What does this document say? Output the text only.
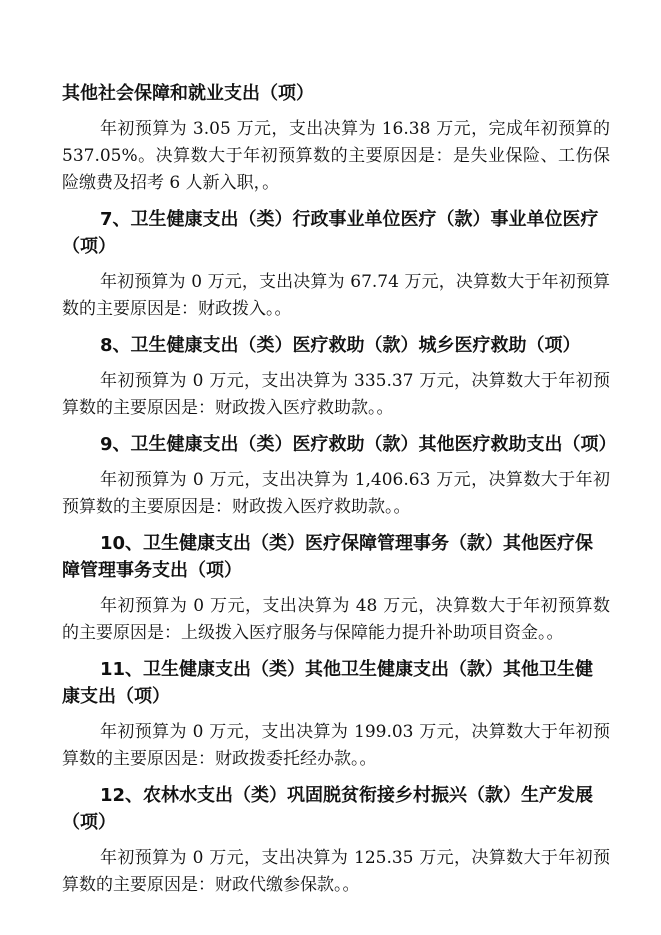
其他社会保障和就业支出（项）

年初预算为 3.05 万元，支出决算为 16.38 万元，完成年初预算的 537.05%。决算数大于年初预算数的主要原因是：是失业保险、工伤保险缴费及招考 6 人新入职，。

7、卫生健康支出（类）行政事业单位医疗（款）事业单位医疗（项）

年初预算为 0 万元，支出决算为 67.74 万元，决算数大于年初预算数的主要原因是：财政拨入。。

8、卫生健康支出（类）医疗救助（款）城乡医疗救助（项）

年初预算为 0 万元，支出决算为 335.37 万元，决算数大于年初预算数的主要原因是：财政拨入医疗救助款。。

9、卫生健康支出（类）医疗救助（款）其他医疗救助支出（项）

年初预算为 0 万元，支出决算为 1,406.63 万元，决算数大于年初预算数的主要原因是：财政拨入医疗救助款。。

10、卫生健康支出（类）医疗保障管理事务（款）其他医疗保障管理事务支出（项）

年初预算为 0 万元，支出决算为 48 万元，决算数大于年初预算数的主要原因是：上级拨入医疗服务与保障能力提升补助项目资金。。

11、卫生健康支出（类）其他卫生健康支出（款）其他卫生健康支出（项）

年初预算为 0 万元，支出决算为 199.03 万元，决算数大于年初预算数的主要原因是：财政拨委托经办款。。

12、农林水支出（类）巩固脱贫衔接乡村振兴（款）生产发展（项）

年初预算为 0 万元，支出决算为 125.35 万元，决算数大于年初预算数的主要原因是：财政代缴参保款。。
